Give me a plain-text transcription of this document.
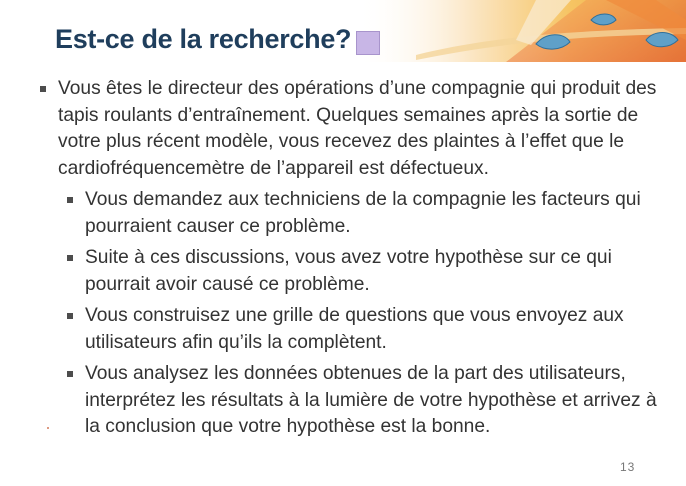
Est-ce de la recherche?
Vous êtes le directeur des opérations d’une compagnie qui produit des tapis roulants d’entraînement. Quelques semaines après la sortie de votre plus récent modèle, vous recevez des plaintes à l’effet que le cardiofréquencemètre de l’appareil est défectueux.
Vous demandez aux techniciens de la compagnie les facteurs qui pourraient causer ce problème.
Suite à ces discussions, vous avez votre hypothèse sur ce qui pourrait avoir causé ce problème.
Vous construisez une grille de questions que vous envoyez aux utilisateurs afin qu’ils la complètent.
Vous analysez les données obtenues de la part des utilisateurs, interprétez les résultats à la lumière de votre hypothèse et arrivez à la conclusion que votre hypothèse est la bonne.
13
